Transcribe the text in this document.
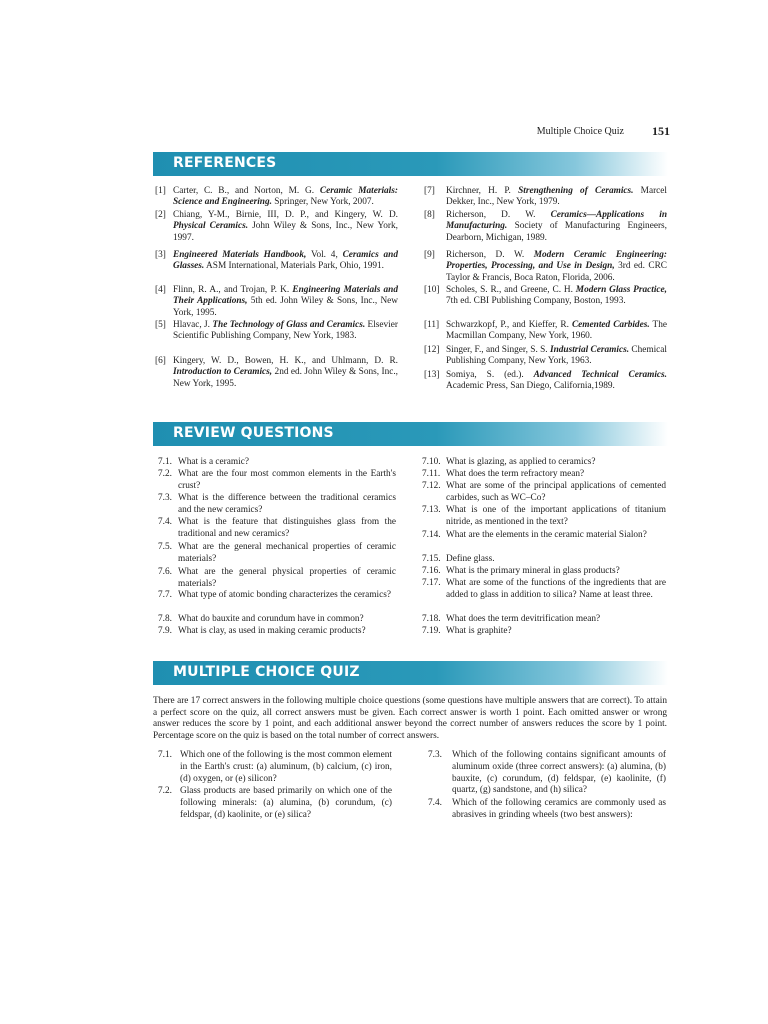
Multiple Choice Quiz 151
REFERENCES
[1] Carter, C. B., and Norton, M. G. Ceramic Materials: Science and Engineering. Springer, New York, 2007.
[2] Chiang, Y-M., Birnie, III, D. P., and Kingery, W. D. Physical Ceramics. John Wiley & Sons, Inc., New York, 1997.
[3] Engineered Materials Handbook, Vol. 4, Ceramics and Glasses. ASM International, Materials Park, Ohio, 1991.
[4] Flinn, R. A., and Trojan, P. K. Engineering Materials and Their Applications, 5th ed. John Wiley & Sons, Inc., New York, 1995.
[5] Hlavac, J. The Technology of Glass and Ceramics. Elsevier Scientific Publishing Company, New York, 1983.
[6] Kingery, W. D., Bowen, H. K., and Uhlmann, D. R. Introduction to Ceramics, 2nd ed. John Wiley & Sons, Inc., New York, 1995.
[7]	Kirchner, H. P. Strengthening of Ceramics. Marcel Dekker, Inc., New York, 1979.
[8]	Richerson, D. W. Ceramics—Applications in Manufacturing. Society of Manufacturing Engineers, Dearborn, Michigan, 1989.
[9]	Richerson, D. W. Modern Ceramic Engineering: Properties, Processing, and Use in Design, 3rd ed. CRC Taylor & Francis, Boca Raton, Florida, 2006.
[10] Scholes, S. R., and Greene, C. H. Modern Glass Practice, 7th ed. CBI Publishing Company, Boston, 1993.
[11] Schwarzkopf, P., and Kieffer, R. Cemented Carbides. The Macmillan Company, New York, 1960.
[12] Singer, F., and Singer, S. S. Industrial Ceramics. Chemical Publishing Company, New York, 1963.
[13] Somiya, S. (ed.). Advanced Technical Ceramics. Academic Press, San Diego, California,1989.
REVIEW QUESTIONS
7.1. What is a ceramic?
7.2. What are the four most common elements in the Earth's crust?
7.3. What is the difference between the traditional ceramics and the new ceramics?
7.4. What is the feature that distinguishes glass from the traditional and new ceramics?
7.5. What are the general mechanical properties of ceramic materials?
7.6. What are the general physical properties of ceramic materials?
7.7. What type of atomic bonding characterizes the ceramics?
7.8. What do bauxite and corundum have in common?
7.9. What is clay, as used in making ceramic products?
7.10. What is glazing, as applied to ceramics?
7.11. What does the term refractory mean?
7.12. What are some of the principal applications of cemented carbides, such as WC–Co?
7.13. What is one of the important applications of titanium nitride, as mentioned in the text?
7.14. What are the elements in the ceramic material Sialon?
7.15. Define glass.
7.16. What is the primary mineral in glass products?
7.17. What are some of the functions of the ingredients that are added to glass in addition to silica? Name at least three.
7.18. What does the term devitrification mean?
7.19. What is graphite?
MULTIPLE CHOICE QUIZ

There are 17 correct answers in the following multiple choice questions (some questions have multiple answers that are correct). To attain a perfect score on the quiz, all correct answers must be given. Each correct answer is worth 1 point. Each omitted answer or wrong answer reduces the score by 1 point, and each additional answer beyond the correct number of answers reduces the score by 1 point. Percentage score on the quiz is based on the total number of correct answers.

7.1. Which one of the following is the most common element in the Earth's crust: (a) aluminum, (b) calcium, (c) iron, (d) oxygen, or (e) silicon?
7.2. Glass products are based primarily on which one of the following minerals: (a) alumina, (b) corundum, (c) feldspar, (d) kaolinite, or (e) silica?
7.3.	Which of the following contains significant amounts of aluminum oxide (three correct answers): (a) alumina, (b) bauxite, (c) corundum, (d) feldspar, (e) kaolinite, (f) quartz, (g) sandstone, and (h) silica?
7.4.	Which of the following ceramics are commonly used as abrasives in grinding wheels (two best answers):
